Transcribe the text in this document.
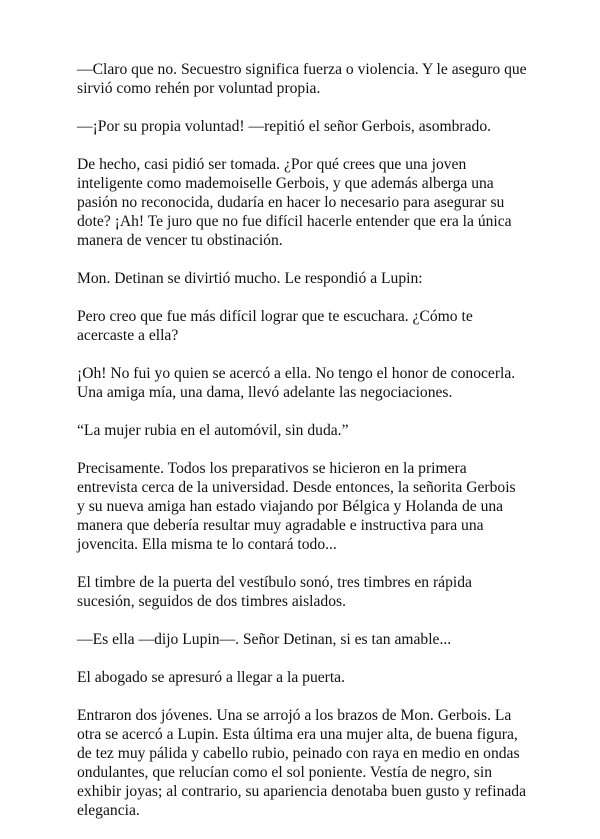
—Claro que no. Secuestro significa fuerza o violencia. Y le aseguro que sirvió como rehén por voluntad propia.

—¡Por su propia voluntad! —repitió el señor Gerbois, asombrado.

De hecho, casi pidió ser tomada. ¿Por qué crees que una joven inteligente como mademoiselle Gerbois, y que además alberga una pasión no reconocida, dudaría en hacer lo necesario para asegurar su dote? ¡Ah! Te juro que no fue difícil hacerle entender que era la única manera de vencer tu obstinación.

Mon. Detinan se divirtió mucho. Le respondió a Lupin:

Pero creo que fue más difícil lograr que te escuchara. ¿Cómo te acercaste a ella?

¡Oh! No fui yo quien se acercó a ella. No tengo el honor de conocerla. Una amiga mía, una dama, llevó adelante las negociaciones.

“La mujer rubia en el automóvil, sin duda.”

Precisamente. Todos los preparativos se hicieron en la primera entrevista cerca de la universidad. Desde entonces, la señorita Gerbois y su nueva amiga han estado viajando por Bélgica y Holanda de una manera que debería resultar muy agradable e instructiva para una jovencita. Ella misma te lo contará todo...

El timbre de la puerta del vestíbulo sonó, tres timbres en rápida sucesión, seguidos de dos timbres aislados.

—Es ella —dijo Lupin—. Señor Detinan, si es tan amable...

El abogado se apresuró a llegar a la puerta.

Entraron dos jóvenes. Una se arrojó a los brazos de Mon. Gerbois. La otra se acercó a Lupin. Esta última era una mujer alta, de buena figura, de tez muy pálida y cabello rubio, peinado con raya en medio en ondas ondulantes, que relucían como el sol poniente. Vestía de negro, sin exhibir joyas; al contrario, su apariencia denotaba buen gusto y refinada elegancia.
